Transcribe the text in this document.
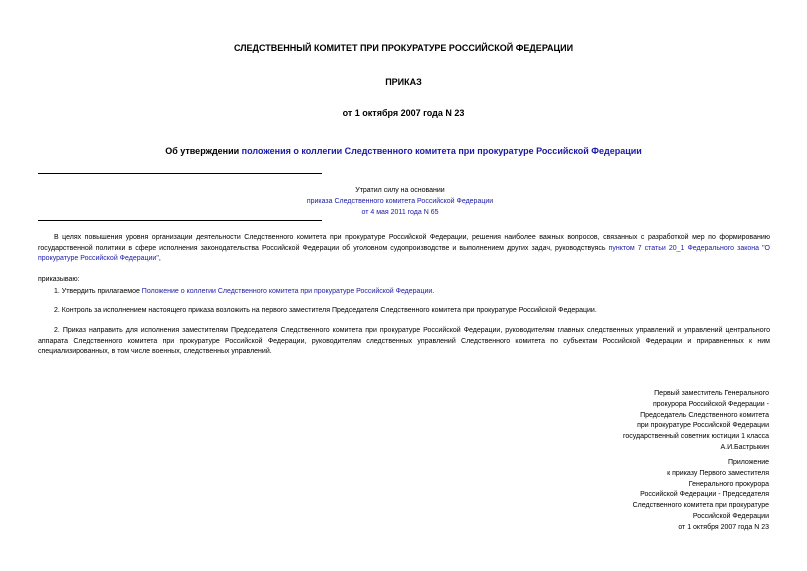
СЛЕДСТВЕННЫЙ КОМИТЕТ ПРИ ПРОКУРАТУРЕ РОССИЙСКОЙ ФЕДЕРАЦИИ
ПРИКАЗ
от 1 октября 2007 года N 23
Об утверждении положения о коллегии Следственного комитета при прокуратуре Российской Федерации
Утратил силу на основании
приказа Следственного комитета Российской Федерации
от 4 мая 2011 года N 65
В целях повышения уровня организации деятельности Следственного комитета при прокуратуре Российской Федерации, решения наиболее важных вопросов, связанных с разработкой мер по формированию государственной политики в сфере исполнения законодательства Российской Федерации об уголовном судопроизводстве и выполнением других задач, руководствуясь пунктом 7 статьи 20_1 Федерального закона "О прокуратуре Российской Федерации",
приказываю:
1. Утвердить прилагаемое Положение о коллегии Следственного комитета при прокуратуре Российской Федерации.
2. Контроль за исполнением настоящего приказа возложить на первого заместителя Председателя Следственного комитета при прокуратуре Российской Федерации.
2. Приказ направить для исполнения заместителям Председателя Следственного комитета при прокуратуре Российской Федерации, руководителям главных следственных управлений и управлений центрального аппарата Следственного комитета при прокуратуре Российской Федерации, руководителям следственных управлений Следственного комитета по субъектам Российской Федерации и приравненных к ним специализированных, в том числе военных, следственных управлений.
Первый заместитель Генерального
прокурора Российской Федерации -
Председатель Следственного комитета
при прокуратуре Российской Федерации
государственный советник юстиции 1 класса
А.И.Бастрыкин
Приложение
к приказу Первого заместителя
Генерального прокурора
Российской Федерации - Председателя
Следственного комитета при прокуратуре
Российской Федерации
от 1 октября 2007 года N 23
